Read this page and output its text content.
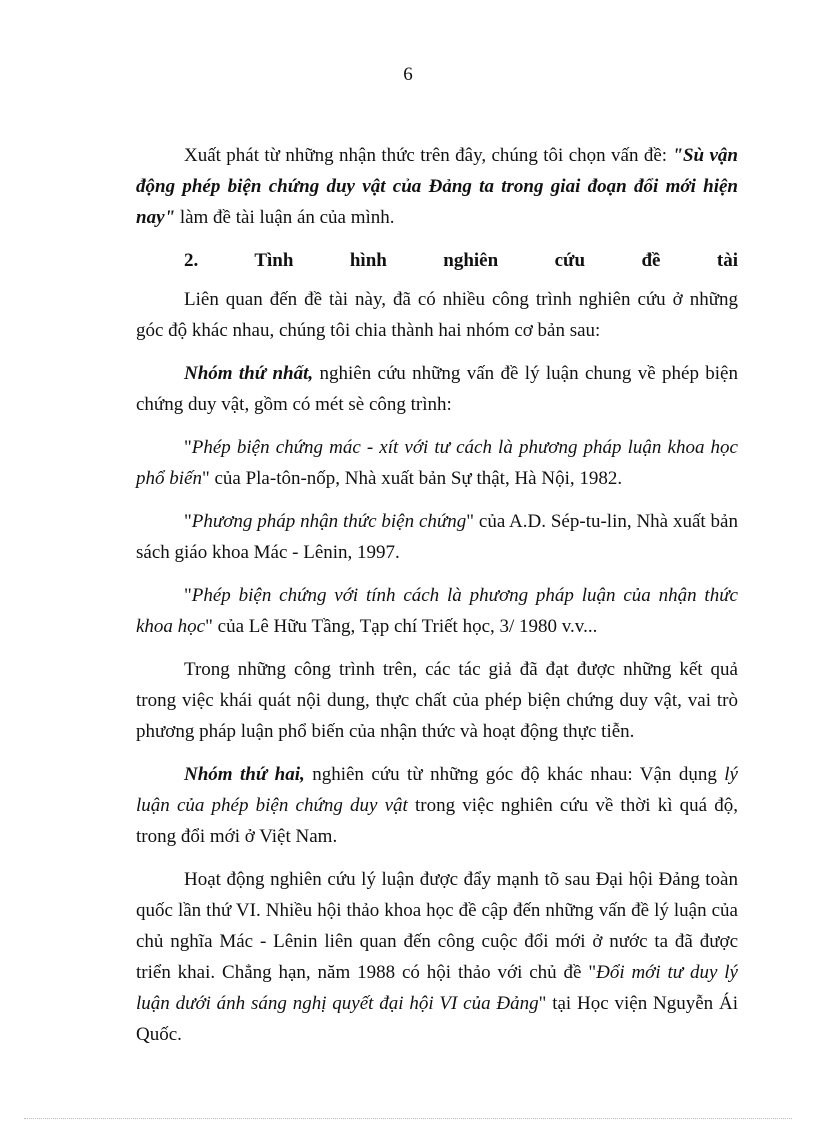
6

Xuất phát từ những nhận thức trên đây, chúng tôi chọn vấn đề: "Sù vận động phép biện chứng duy vật của Đảng ta trong giai đoạn đổi mới hiện nay" làm đề tài luận án của mình.

2. Tình hình nghiên cứu đề tài

Liên quan đến đề tài này, đã có nhiều công trình nghiên cứu ở những góc độ khác nhau, chúng tôi chia thành hai nhóm cơ bản sau:

Nhóm thứ nhất, nghiên cứu những vấn đề lý luận chung về phép biện chứng duy vật, gồm có mét sè công trình:

"Phép biện chứng mác - xít với tư cách là phương pháp luận khoa học phổ biến" của Pla-tôn-nốp, Nhà xuất bản Sự thật, Hà Nội, 1982.

"Phương pháp nhận thức biện chứng" của A.D. Sép-tu-lin, Nhà xuất bản sách giáo khoa Mác - Lênin, 1997.

"Phép biện chứng với tính cách là phương pháp luận của nhận thức khoa học" của Lê Hữu Tầng, Tạp chí Triết học, 3/ 1980 v.v...

Trong những công trình trên, các tác giả đã đạt được những kết quả trong việc khái quát nội dung, thực chất của phép biện chứng duy vật, vai trò phương pháp luận phổ biến của nhận thức và hoạt động thực tiễn.

Nhóm thứ hai, nghiên cứu từ những góc độ khác nhau: Vận dụng lý luận của phép biện chứng duy vật trong việc nghiên cứu về thời kì quá độ, trong đổi mới ở Việt Nam.

Hoạt động nghiên cứu lý luận được đẩy mạnh tõ sau Đại hội Đảng toàn quốc lần thứ VI. Nhiều hội thảo khoa học đề cập đến những vấn đề lý luận của chủ nghĩa Mác - Lênin liên quan đến công cuộc đổi mới ở nước ta đã được triển khai. Chẳng hạn, năm 1988 có hội thảo với chủ đề "Đổi mới tư duy lý luận dưới ánh sáng nghị quyết đại hội VI của Đảng" tại Học viện Nguyễn Ái Quốc.
